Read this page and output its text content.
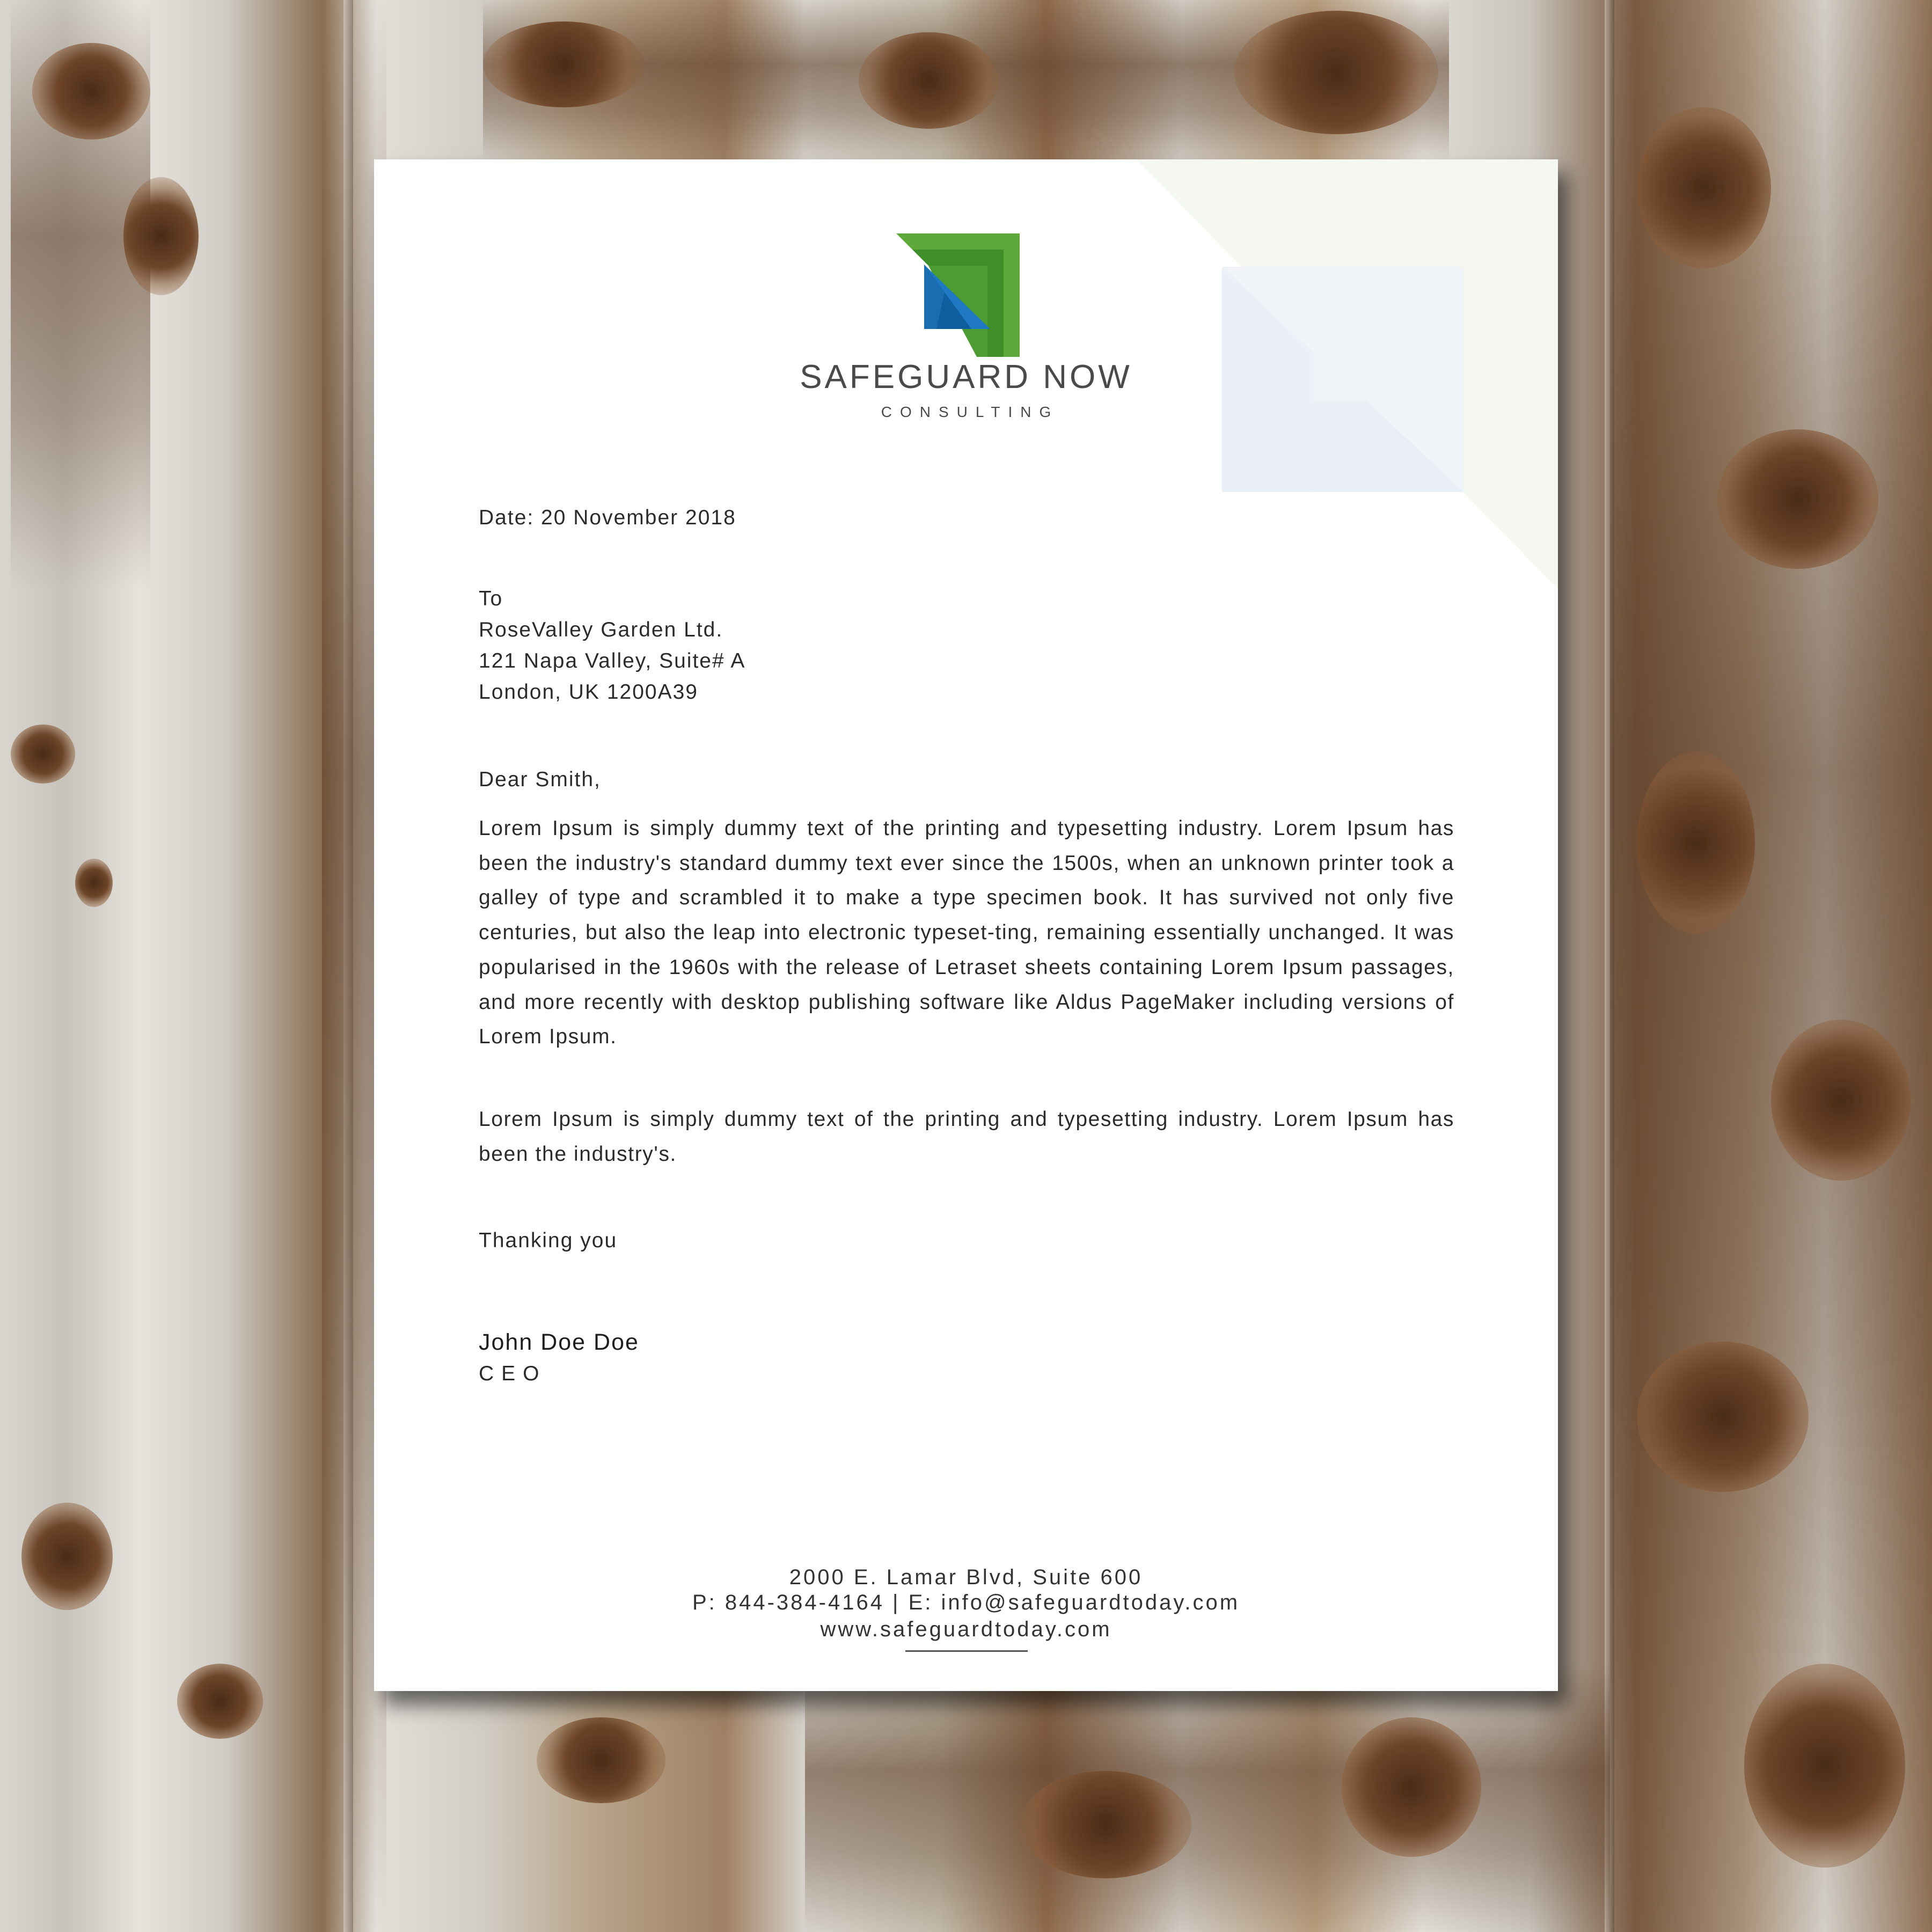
SAFEGUARD NOW
CONSULTING
Date: 20 November 2018
To
RoseValley Garden Ltd.
121 Napa Valley, Suite# A
London, UK 1200A39
Dear Smith,

Lorem Ipsum is simply dummy text of the printing and typesetting industry. Lorem Ipsum has been the industry's standard dummy text ever since the 1500s, when an unknown printer took a galley of type and scrambled it to make a type specimen book. It has survived not only five centuries, but also the leap into electronic typeset-ting, remaining essentially unchanged. It was popularised in the 1960s with the release of Letraset sheets containing Lorem Ipsum passages, and more recently with desktop publishing software like Aldus PageMaker including versions of Lorem Ipsum.

Lorem Ipsum is simply dummy text of the printing and typesetting industry. Lorem Ipsum has been the industry's.

Thanking you
John Doe Doe
CEO
2000 E. Lamar Blvd, Suite 600
P: 844-384-4164 | E: info@safeguardtoday.com
www.safeguardtoday.com
